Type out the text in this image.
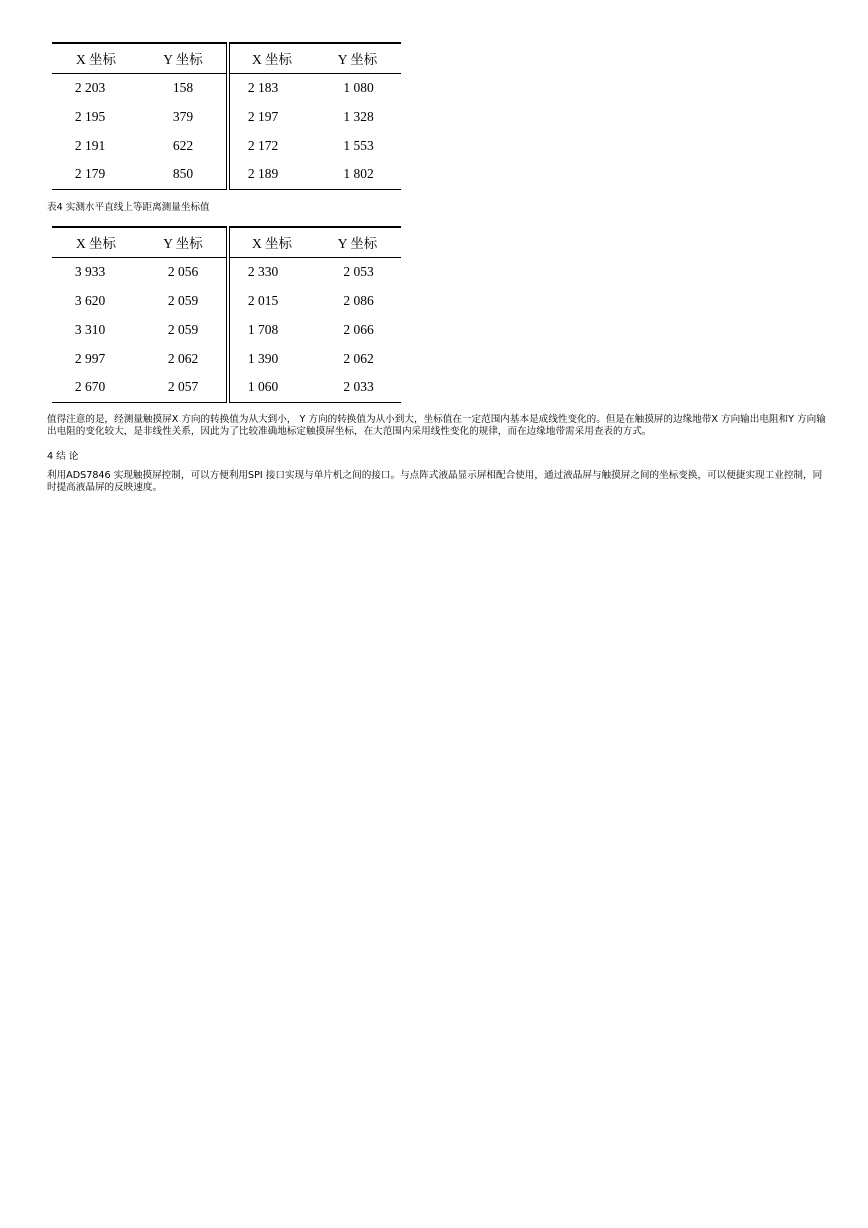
X 坐标	Y 坐标	X 坐标	Y 坐标
2 203	158	2 183	1 080
2 195	379	2 197	1 328
2 191	622	2 172	1 553
2 179	850	2 189	1 802
表4 实测水平直线上等距离测量坐标值
X 坐标	Y 坐标	X 坐标	Y 坐标
3 933	2 056	2 330	2 053
3 620	2 059	2 015	2 086
3 310	2 059	1 708	2 066
2 997	2 062	1 390	2 062
2 670	2 057	1 060	2 033

值得注意的是，经测量触摸屏X 方向的转换值为从大到小， Y 方向的转换值为从小到大，坐标值在一定范围内基本是成线性变化的。但是在触摸屏的边缘地带X 方向输出电阻和Y 方向输出电阻的变化较大，是非线性关系，因此为了比较准确地标定触摸屏坐标，在大范围内采用线性变化的规律，而在边缘地带需采用查表的方式。

4 结 论

利用ADS7846 实现触摸屏控制，可以方便利用SPI 接口实现与单片机之间的接口。与点阵式液晶显示屏相配合使用，通过液晶屏与触摸屏之间的坐标变换，可以便捷实现工业控制，同时提高液晶屏的反映速度。
